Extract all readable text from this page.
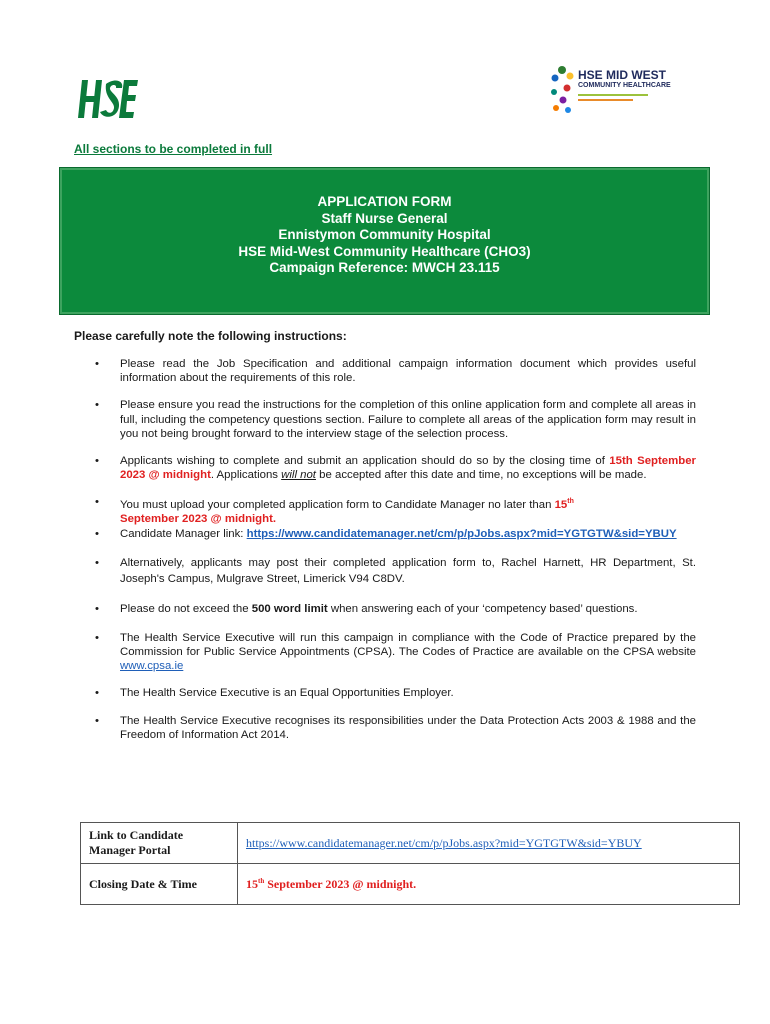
HSE MID WEST
COMMUNITY HEALTHCARE
All sections to be completed in full
APPLICATION FORM
Staff Nurse General
Ennistymon Community Hospital
HSE Mid-West Community Healthcare (CHO3)
Campaign Reference: MWCH 23.115
Please carefully note the following instructions:
• Please read the Job Specification and additional campaign information document which provides useful information about the requirements of this role.
• Please ensure you read the instructions for the completion of this online application form and complete all areas in full, including the competency questions section. Failure to complete all areas of the application form may result in you not being brought forward to the interview stage of the selection process.
• Applicants wishing to complete and submit an application should do so by the closing time of 15th September 2023 @ midnight. Applications will not be accepted after this date and time, no exceptions will be made.
• You must upload your completed application form to Candidate Manager no later than 15th
September 2023 @ midnight.
• Candidate Manager link: https://www.candidatemanager.net/cm/p/pJobs.aspx?mid=YGTGTW&sid=YBUY
• Alternatively, applicants may post their completed application form to, Rachel Harnett, HR Department, St. Joseph's Campus, Mulgrave Street, Limerick V94 C8DV.
• Please do not exceed the 500 word limit when answering each of your ‘competency based’ questions.
• The Health Service Executive will run this campaign in compliance with the Code of Practice prepared by the Commission for Public Service Appointments (CPSA). The Codes of Practice are available on the CPSA website www.cpsa.ie
• The Health Service Executive is an Equal Opportunities Employer.
• The Health Service Executive recognises its responsibilities under the Data Protection Acts 2003 & 1988 and the Freedom of Information Act 2014.
Link to Candidate Manager Portal	https://www.candidatemanager.net/cm/p/pJobs.aspx?mid=YGTGTW&sid=YBUY
Closing Date & Time	15th September 2023 @ midnight.
